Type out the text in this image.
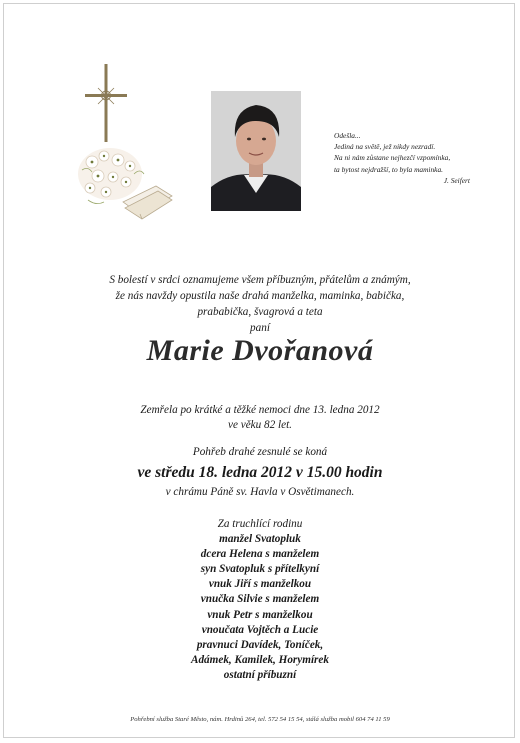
Odešla...
Jediná na světě, jež nikdy nezradí.
Na ni nám zůstane nejhezčí vzpomínka,
ta bytost nejdražší, to byla maminka.
J. Seifert
S bolestí v srdci oznamujeme všem příbuzným, přátelům a známým,
že nás navždy opustila naše drahá manželka, maminka, babička,
prababička, švagrová a teta
paní
Marie Dvořanová
Zemřela po krátké a těžké nemoci dne 13. ledna 2012
ve věku 82 let.
Pohřeb drahé zesnulé se koná
ve středu 18. ledna 2012 v 15.00 hodin
v chrámu Páně sv. Havla v Osvětimanech.
Za truchlící rodinu
manžel Svatopluk
dcera Helena s manželem
syn Svatopluk s přítelkyní
vnuk Jiří s manželkou
vnučka Silvie s manželem
vnuk Petr s manželkou
vnoučata Vojtěch a Lucie
pravnuci Davídek, Toníček,
Adámek, Kamilek, Horymírek
ostatní příbuzní
Pohřební služba Staré Město, nám. Hrdinů 264, tel. 572 54 15 54, stálá služba mobil 604 74 11 59
